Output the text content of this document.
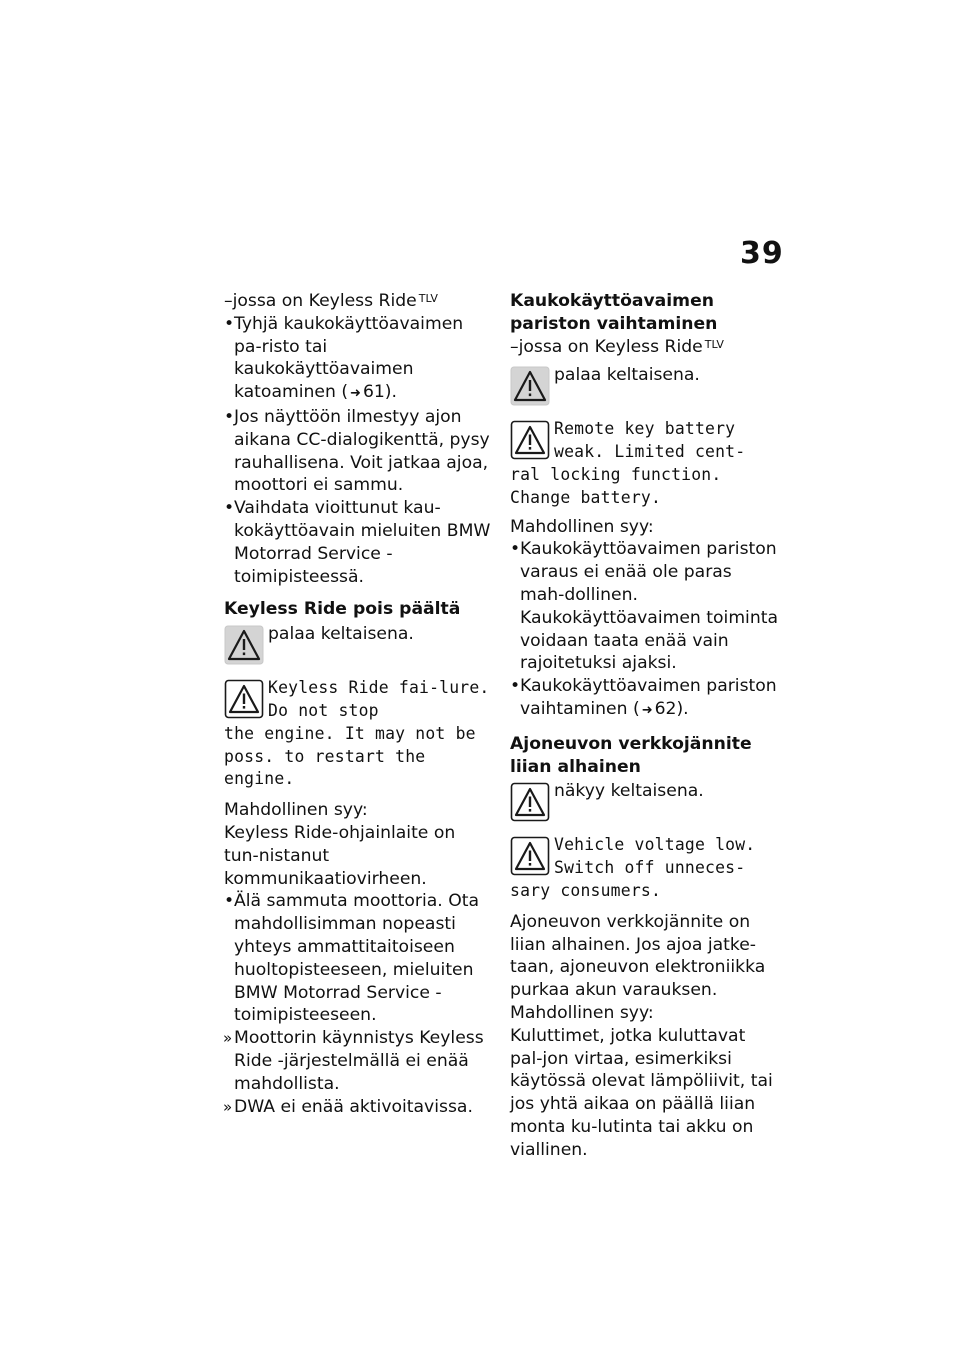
39

–jossa on Keyless Ride $^{TLV}$

• Tyhjä kaukokäyttöavaimen pa-risto tai kaukokäyttöavaimen katoaminen ( ➜ 61).
• Jos näyttöön ilmestyy ajon aikana CC-dialogikenttä, pysy rauhallisena. Voit jatkaa ajoa, moottori ei sammu.
• Vaihdata vioittunut kau-kokäyttöavain mieluiten BMW Motorrad Service -toimipisteessä.
Keyless Ride pois päältä
palaa keltaisena.
Keyless Ride fai-lure. Do not stop
the engine. It may not be poss. to restart the engine.

Mahdollinen syy:

Keyless Ride-ohjainlaite on tun-nistanut kommunikaatiovirheen.

• Älä sammuta moottoria. Ota mahdollisimman nopeasti yhteys ammattitaitoiseen huoltopisteeseen, mieluiten BMW Motorrad Service -toimipisteeseen.
» Moottorin käynnistys Keyless Ride -järjestelmällä ei enää mahdollista.
» DWA ei enää aktivoitavissa.
Kaukokäyttöavaimen pariston vaihtaminen

–jossa on Keyless Ride $^{TLV}$

palaa keltaisena.
Remote key battery weak. Limited cent-
ral locking function. Change battery.

Mahdollinen syy:

• Kaukokäyttöavaimen pariston varaus ei enää ole paras mah-dollinen. Kaukokäyttöavaimen toiminta voidaan taata enää vain rajoitetuksi ajaksi.
• Kaukokäyttöavaimen pariston vaihtaminen ( ➜ 62).
Ajoneuvon verkkojännite liian alhainen
näkyy keltaisena.
Vehicle voltage low. Switch off unneces-
sary consumers.

Ajoneuvon verkkojännite on liian alhainen. Jos ajoa jatke-taan, ajoneuvon elektroniikka purkaa akun varauksen.

Mahdollinen syy:

Kuluttimet, jotka kuluttavat pal-jon virtaa, esimerkiksi käytössä olevat lämpöliivit, tai jos yhtä aikaa on päällä liian monta ku-lutinta tai akku on viallinen.
